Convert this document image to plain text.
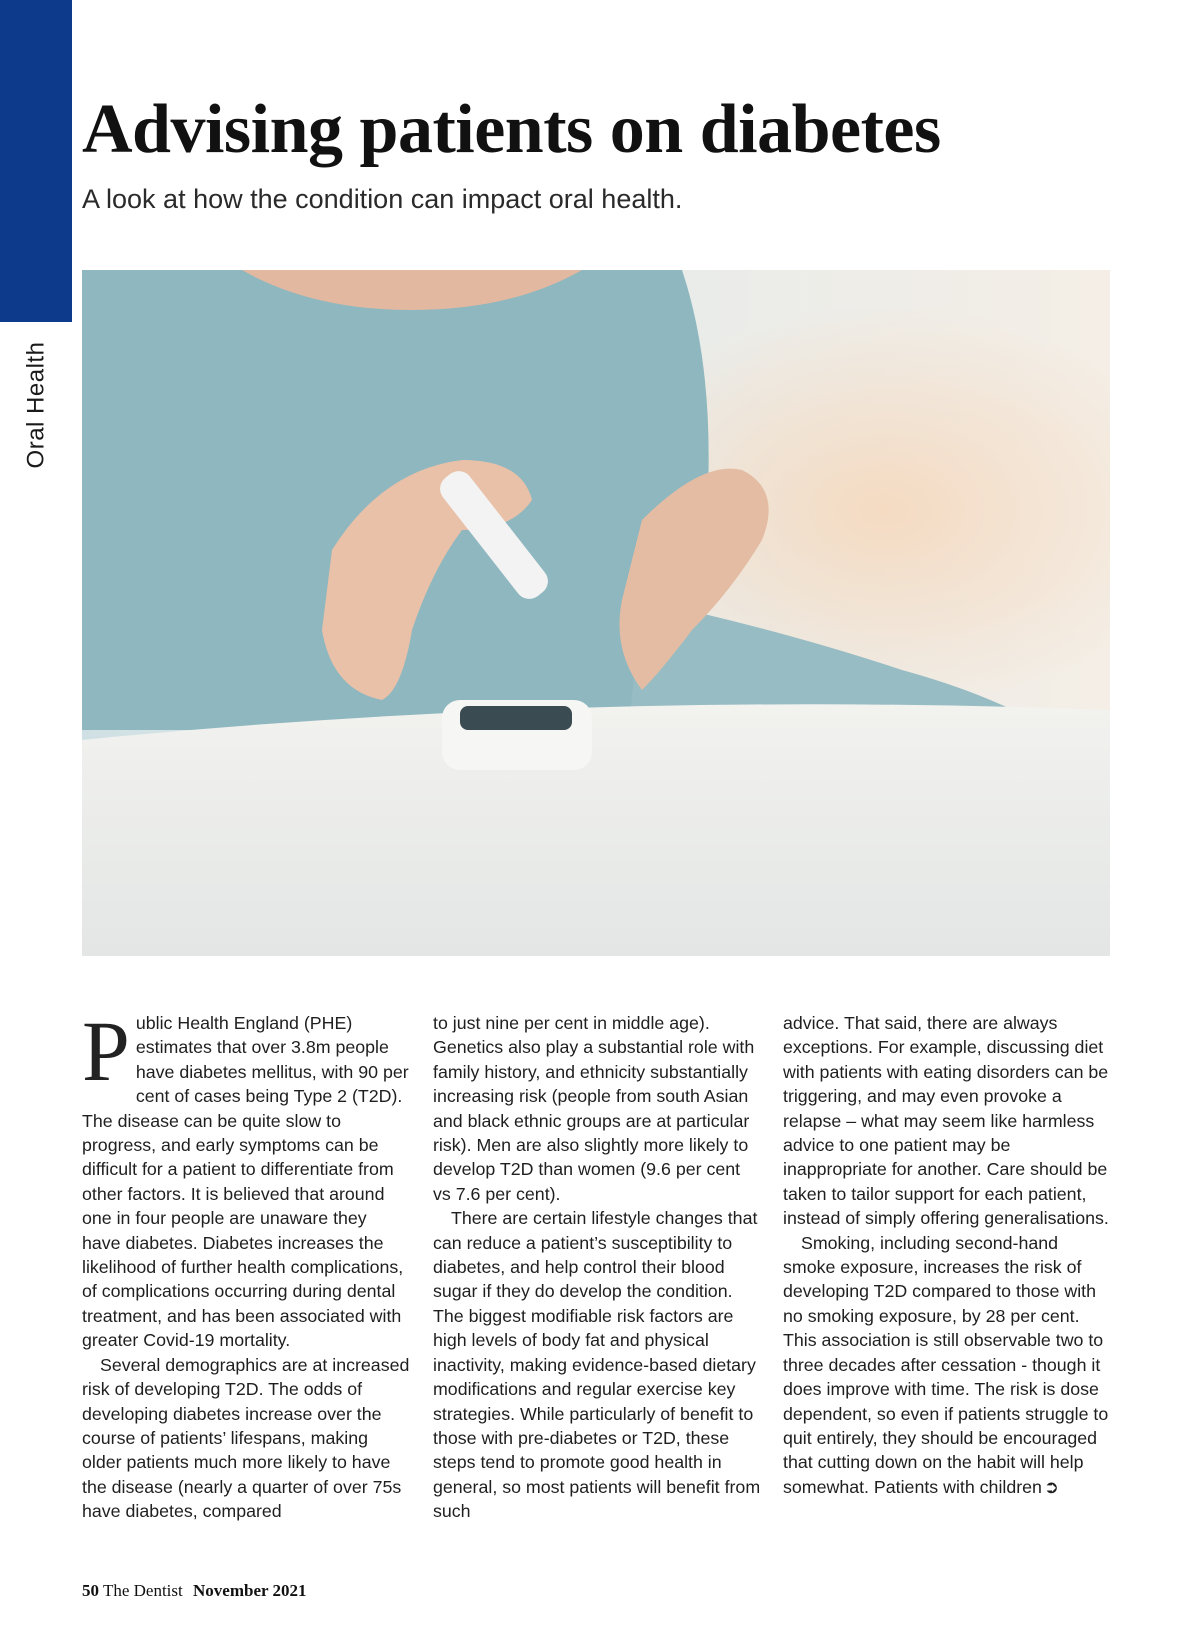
Oral Health
Advising patients on diabetes

A look at how the condition can impact oral health.

Public Health England (PHE) estimates that over 3.8m people have diabetes mellitus, with 90 per cent of cases being Type 2 (T2D). The disease can be quite slow to progress, and early symptoms can be difficult for a patient to differentiate from other factors. It is believed that around one in four people are unaware they have diabetes. Diabetes increases the likelihood of further health complications, of complications occurring during dental treatment, and has been associated with greater Covid-19 mortality.

Several demographics are at increased risk of developing T2D. The odds of developing diabetes increase over the course of patients’ lifespans, making older patients much more likely to have the disease (nearly a quarter of over 75s have diabetes, compared

to just nine per cent in middle age). Genetics also play a substantial role with family history, and ethnicity substantially increasing risk (people from south Asian and black ethnic groups are at particular risk). Men are also slightly more likely to develop T2D than women (9.6 per cent vs 7.6 per cent).

There are certain lifestyle changes that can reduce a patient’s susceptibility to diabetes, and help control their blood sugar if they do develop the condition. The biggest modifiable risk factors are high levels of body fat and physical inactivity, making evidence-based dietary modifications and regular exercise key strategies. While particularly of benefit to those with pre-diabetes or T2D, these steps tend to promote good health in general, so most patients will benefit from such

advice. That said, there are always exceptions. For example, discussing diet with patients with eating disorders can be triggering, and may even provoke a relapse – what may seem like harmless advice to one patient may be inappropriate for another. Care should be taken to tailor support for each patient, instead of simply offering generalisations.

Smoking, including second-hand smoke exposure, increases the risk of developing T2D compared to those with no smoking exposure, by 28 per cent. This association is still observable two to three decades after cessation - though it does improve with time. The risk is dose dependent, so even if patients struggle to quit entirely, they should be encouraged that cutting down on the habit will help somewhat. Patients with children ➲

50 The Dentist November 2021
